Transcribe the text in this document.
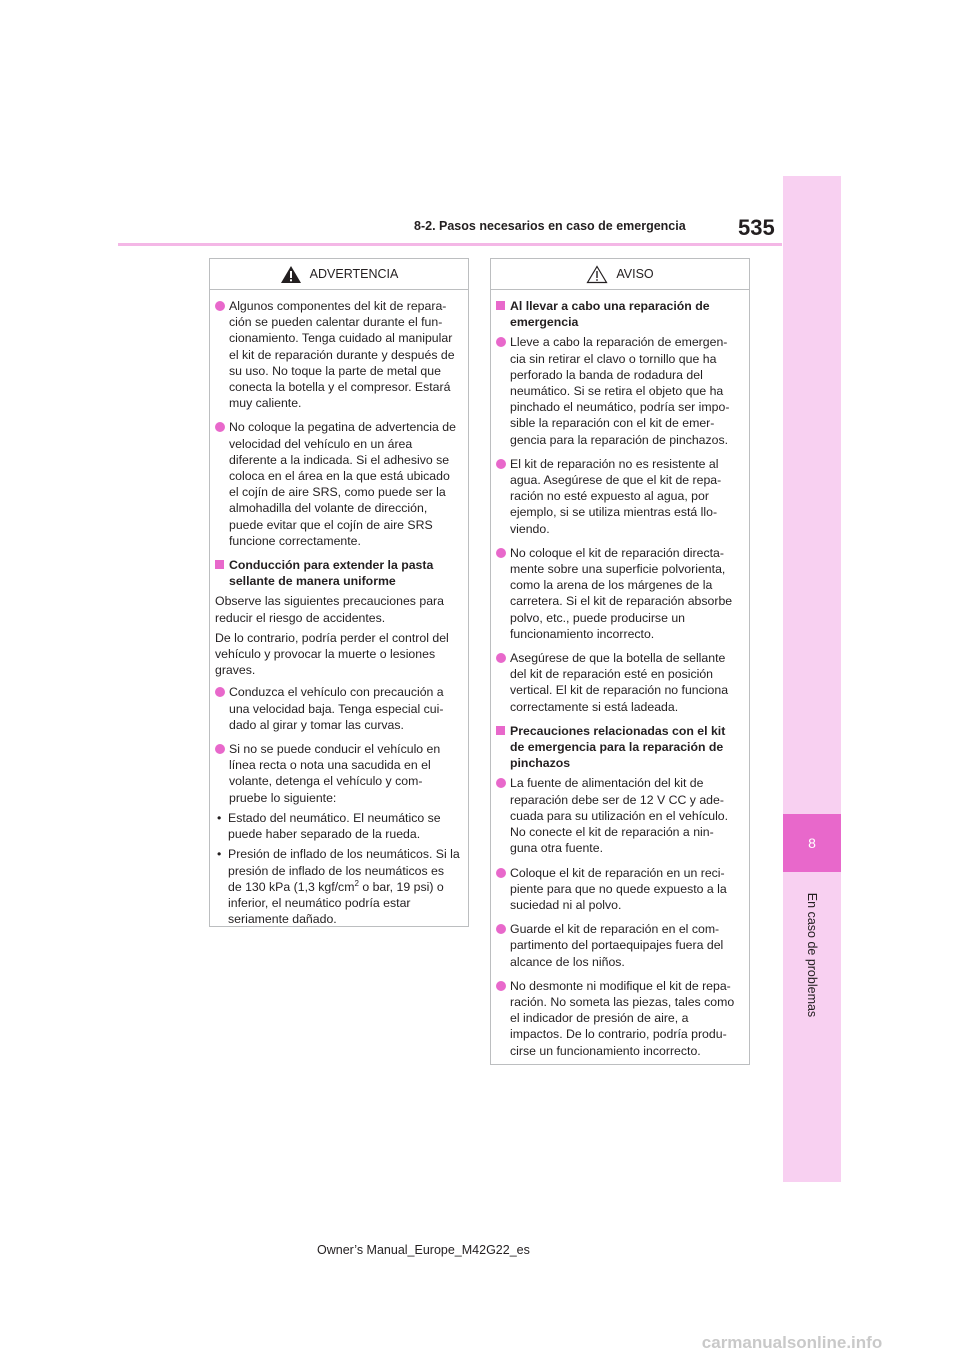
535
8-2. Pasos necesarios en caso de emergencia
8
En caso de problemas
ADVERTENCIA
Algunos componentes del kit de repara-ción se pueden calentar durante el fun-cionamiento. Tenga cuidado al manipular el kit de reparación durante y después de su uso. No toque la parte de metal que conecta la botella y el compresor. Estará muy caliente.
No coloque la pegatina de advertencia de velocidad del vehículo en un área diferente a la indicada. Si el adhesivo se coloca en el área en la que está ubicado el cojín de aire SRS, como puede ser la almohadilla del volante de dirección, puede evitar que el cojín de aire SRS funcione correctamente.
Conducción para extender la pasta sellante de manera uniforme
Observe las siguientes precauciones para reducir el riesgo de accidentes.
De lo contrario, podría perder el control del vehículo y provocar la muerte o lesiones graves.
Conduzca el vehículo con precaución a una velocidad baja. Tenga especial cui-dado al girar y tomar las curvas.
Si no se puede conducir el vehículo en línea recta o nota una sacudida en el volante, detenga el vehículo y com-pruebe lo siguiente:
• Estado del neumático. El neumático se puede haber separado de la rueda.
• Presión de inflado de los neumáticos. Si la presión de inflado de los neumáticos es de 130 kPa (1,3 kgf/$cm^2$ o bar, 19 psi) o inferior, el neumático podría estar seriamente dañado.
AVISO
Al llevar a cabo una reparación de emergencia
Lleve a cabo la reparación de emergen-cia sin retirar el clavo o tornillo que ha perforado la banda de rodadura del neumático. Si se retira el objeto que ha pinchado el neumático, podría ser impo-sible la reparación con el kit de emer-gencia para la reparación de pinchazos.
El kit de reparación no es resistente al agua. Asegúrese de que el kit de repa-ración no esté expuesto al agua, por ejemplo, si se utiliza mientras está llo-viendo.
No coloque el kit de reparación directa-mente sobre una superficie polvorienta, como la arena de los márgenes de la carretera. Si el kit de reparación absorbe polvo, etc., puede producirse un funcionamiento incorrecto.
Asegúrese de que la botella de sellante del kit de reparación esté en posición vertical. El kit de reparación no funciona correctamente si está ladeada.
Precauciones relacionadas con el kit de emergencia para la reparación de pinchazos
La fuente de alimentación del kit de reparación debe ser de 12 V CC y ade-cuada para su utilización en el vehículo. No conecte el kit de reparación a nin-guna otra fuente.
Coloque el kit de reparación en un reci-piente para que no quede expuesto a la suciedad ni al polvo.
Guarde el kit de reparación en el com-partimento del portaequipajes fuera del alcance de los niños.
No desmonte ni modifique el kit de repa-ración. No someta las piezas, tales como el indicador de presión de aire, a impactos. De lo contrario, podría produ-cirse un funcionamiento incorrecto.
Owner’s Manual_Europe_M42G22_es
carmanualsonline.info
